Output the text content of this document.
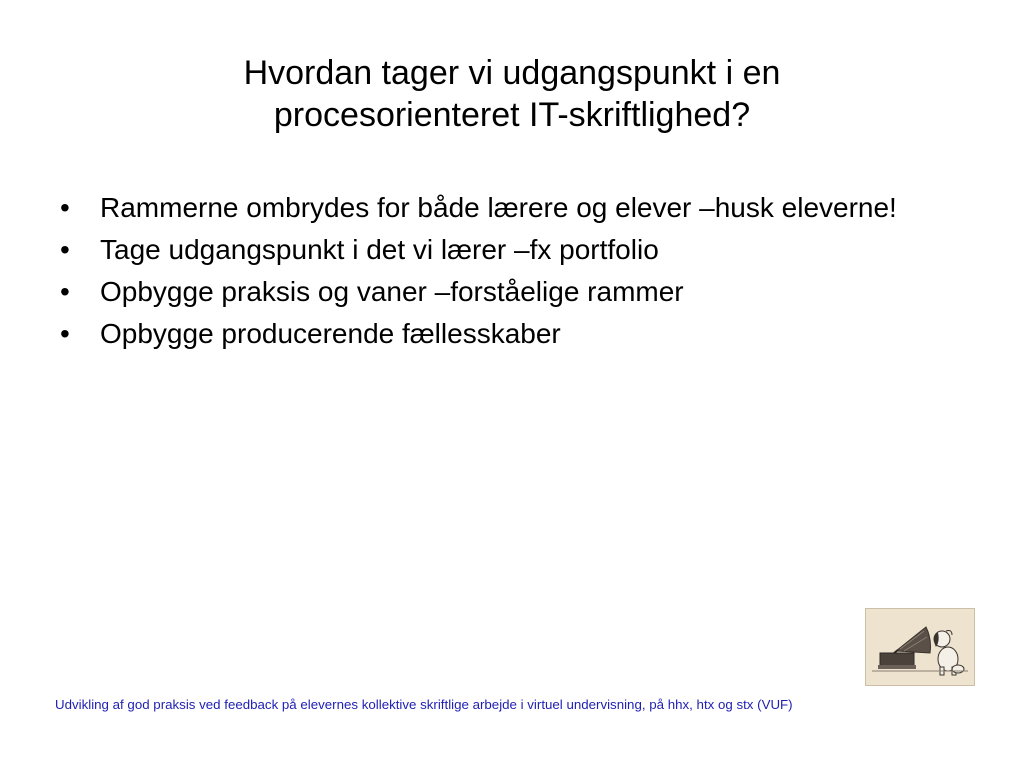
Hvordan tager vi udgangspunkt i en
procesorienteret IT-skriftlighed?
•	Rammerne ombrydes for både lærere og elever –husk eleverne!
•	Tage udgangspunkt i det vi lærer –fx portfolio
•	Opbygge praksis og vaner –forståelige rammer
•	Opbygge producerende fællesskaber
Udvikling af god praksis ved feedback på elevernes kollektive skriftlige arbejde i virtuel undervisning, på hhx, htx og stx (VUF)
